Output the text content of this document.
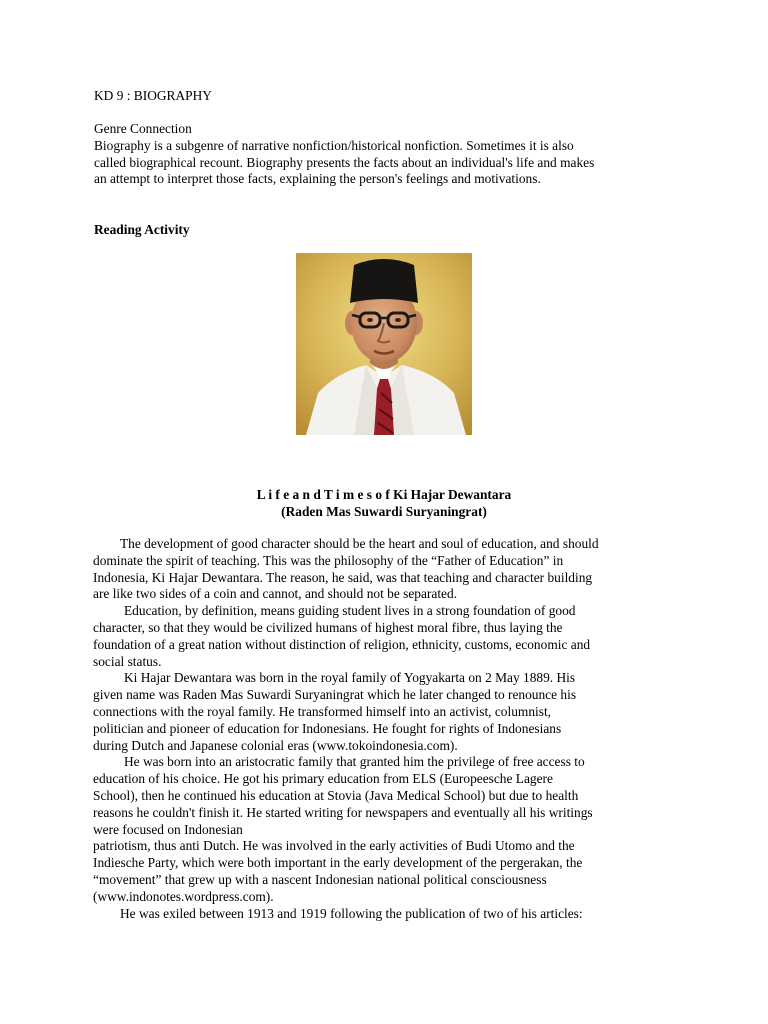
KD 9 : BIOGRAPHY

Genre Connection
Biography is a subgenre of narrative nonfiction/historical nonfiction. Sometimes it is also
called biographical recount. Biography presents the facts about an individual's life and makes
an attempt to interpret those facts, explaining the person's feelings and motivations.

Reading Activity

L i f e a n d T i m e s o f Ki Hajar Dewantara
(Raden Mas Suwardi Suryaningrat)
The development of good character should be the heart and soul of education, and should
dominate the spirit of teaching. This was the philosophy of the “Father of Education” in
Indonesia, Ki Hajar Dewantara. The reason, he said, was that teaching and character building
are like two sides of a coin and cannot, and should not be separated.
Education, by definition, means guiding student lives in a strong foundation of good
character, so that they would be civilized humans of highest moral fibre, thus laying the
foundation of a great nation without distinction of religion, ethnicity, customs, economic and
social status.
Ki Hajar Dewantara was born in the royal family of Yogyakarta on 2 May 1889. His
given name was Raden Mas Suwardi Suryaningrat which he later changed to renounce his
connections with the royal family. He transformed himself into an activist, columnist,
politician and pioneer of education for Indonesians. He fought for rights of Indonesians
during Dutch and Japanese colonial eras (www.tokoindonesia.com).
He was born into an aristocratic family that granted him the privilege of free access to
education of his choice. He got his primary education from ELS (Europeesche Lagere
School), then he continued his education at Stovia (Java Medical School) but due to health
reasons he couldn't finish it. He started writing for newspapers and eventually all his writings
were focused on Indonesian
patriotism, thus anti Dutch. He was involved in the early activities of Budi Utomo and the
Indiesche Party, which were both important in the early development of the pergerakan, the
“movement” that grew up with a nascent Indonesian national political consciousness
(www.indonotes.wordpress.com).
He was exiled between 1913 and 1919 following the publication of two of his articles:
